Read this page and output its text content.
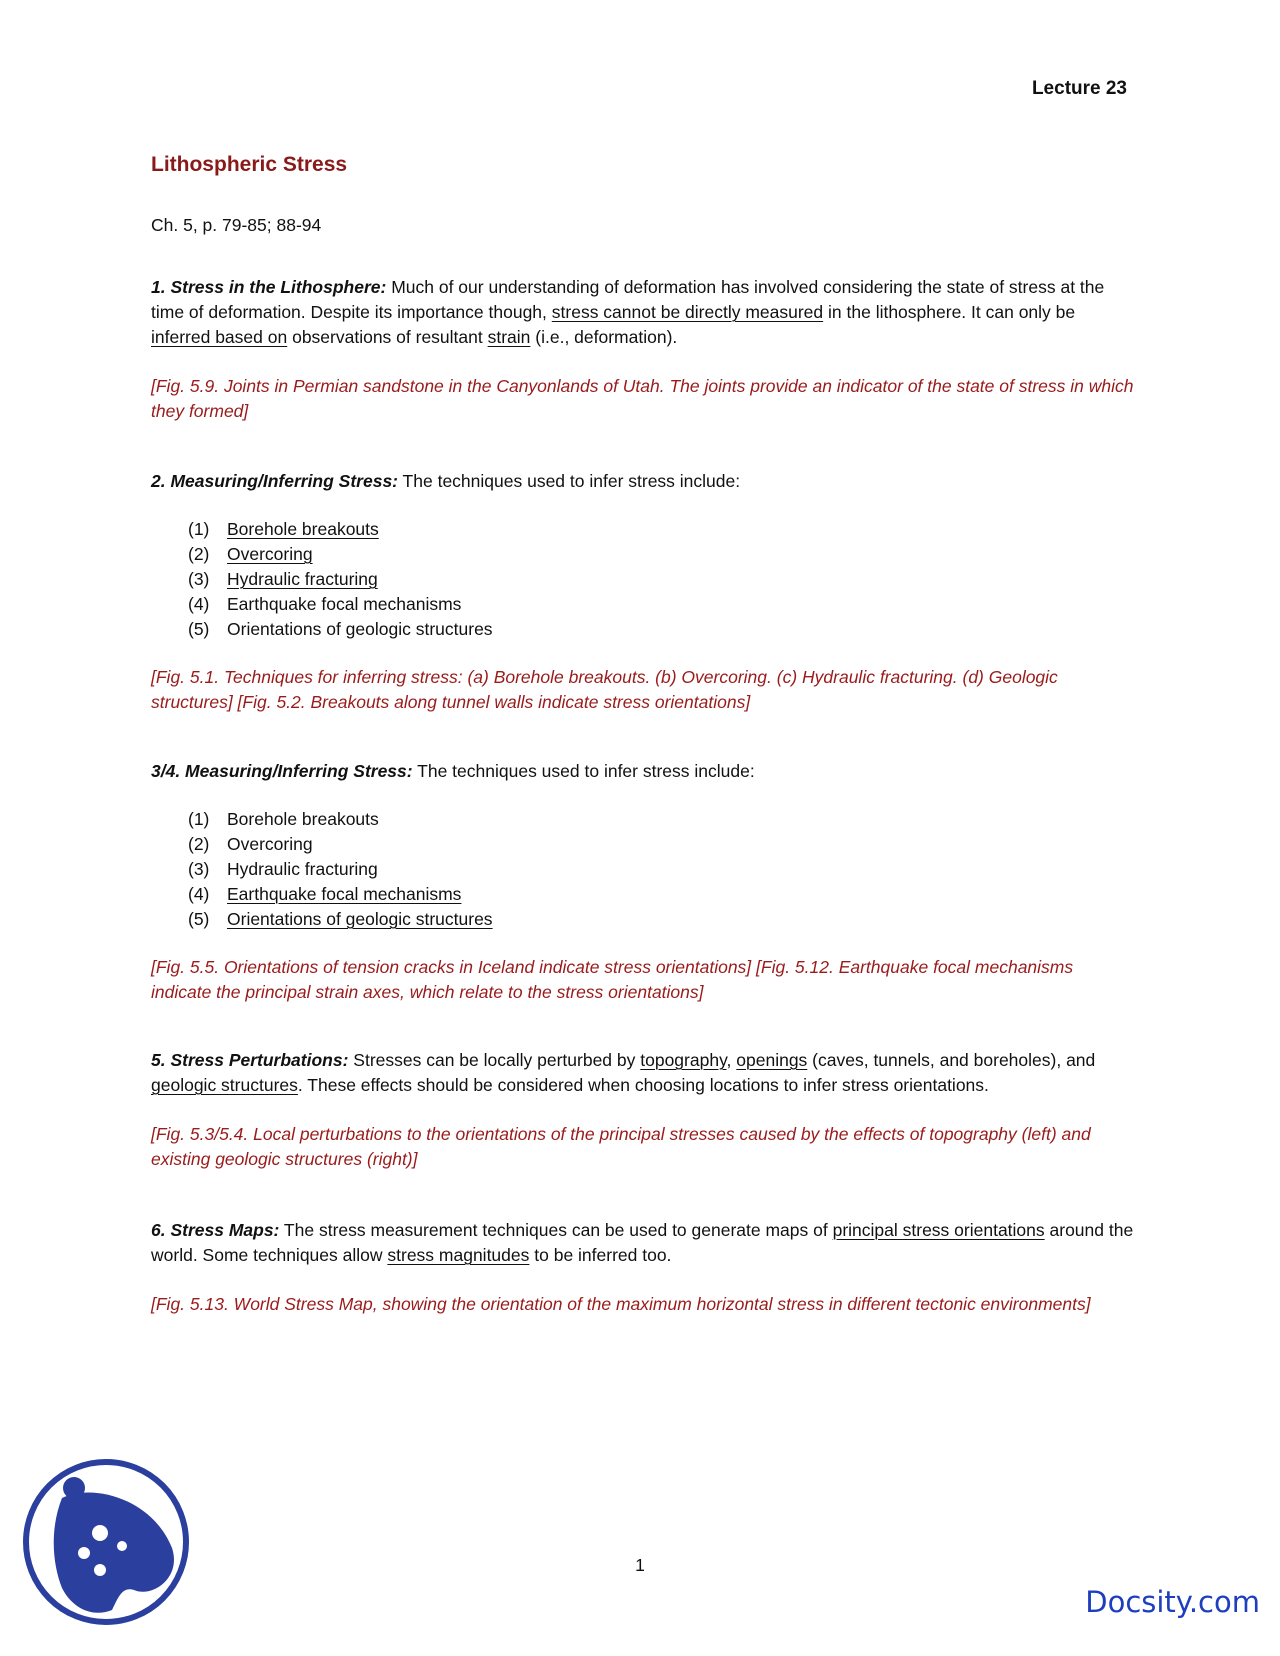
Lecture 23
Lithospheric Stress
Ch. 5, p. 79-85; 88-94

1. Stress in the Lithosphere: Much of our understanding of deformation has involved considering the state of stress at the time of deformation. Despite its importance though, stress cannot be directly measured in the lithosphere. It can only be inferred based on observations of resultant strain (i.e., deformation).

[Fig. 5.9. Joints in Permian sandstone in the Canyonlands of Utah. The joints provide an indicator of the state of stress in which they formed]

2. Measuring/Inferring Stress: The techniques used to infer stress include:

(1) Borehole breakouts
(2) Overcoring
(3) Hydraulic fracturing
(4) Earthquake focal mechanisms
(5) Orientations of geologic structures

[Fig. 5.1. Techniques for inferring stress: (a) Borehole breakouts. (b) Overcoring. (c) Hydraulic fracturing. (d) Geologic structures] [Fig. 5.2. Breakouts along tunnel walls indicate stress orientations]

3/4. Measuring/Inferring Stress: The techniques used to infer stress include:

(1) Borehole breakouts
(2) Overcoring
(3) Hydraulic fracturing
(4) Earthquake focal mechanisms
(5) Orientations of geologic structures

[Fig. 5.5. Orientations of tension cracks in Iceland indicate stress orientations] [Fig. 5.12. Earthquake focal mechanisms indicate the principal strain axes, which relate to the stress orientations]

5. Stress Perturbations: Stresses can be locally perturbed by topography, openings (caves, tunnels, and boreholes), and geologic structures. These effects should be considered when choosing locations to infer stress orientations.

[Fig. 5.3/5.4. Local perturbations to the orientations of the principal stresses caused by the effects of topography (left) and existing geologic structures (right)]

6. Stress Maps: The stress measurement techniques can be used to generate maps of principal stress orientations around the world. Some techniques allow stress magnitudes to be inferred too.

[Fig. 5.13. World Stress Map, showing the orientation of the maximum horizontal stress in different tectonic environments]

1
Docsity.com
